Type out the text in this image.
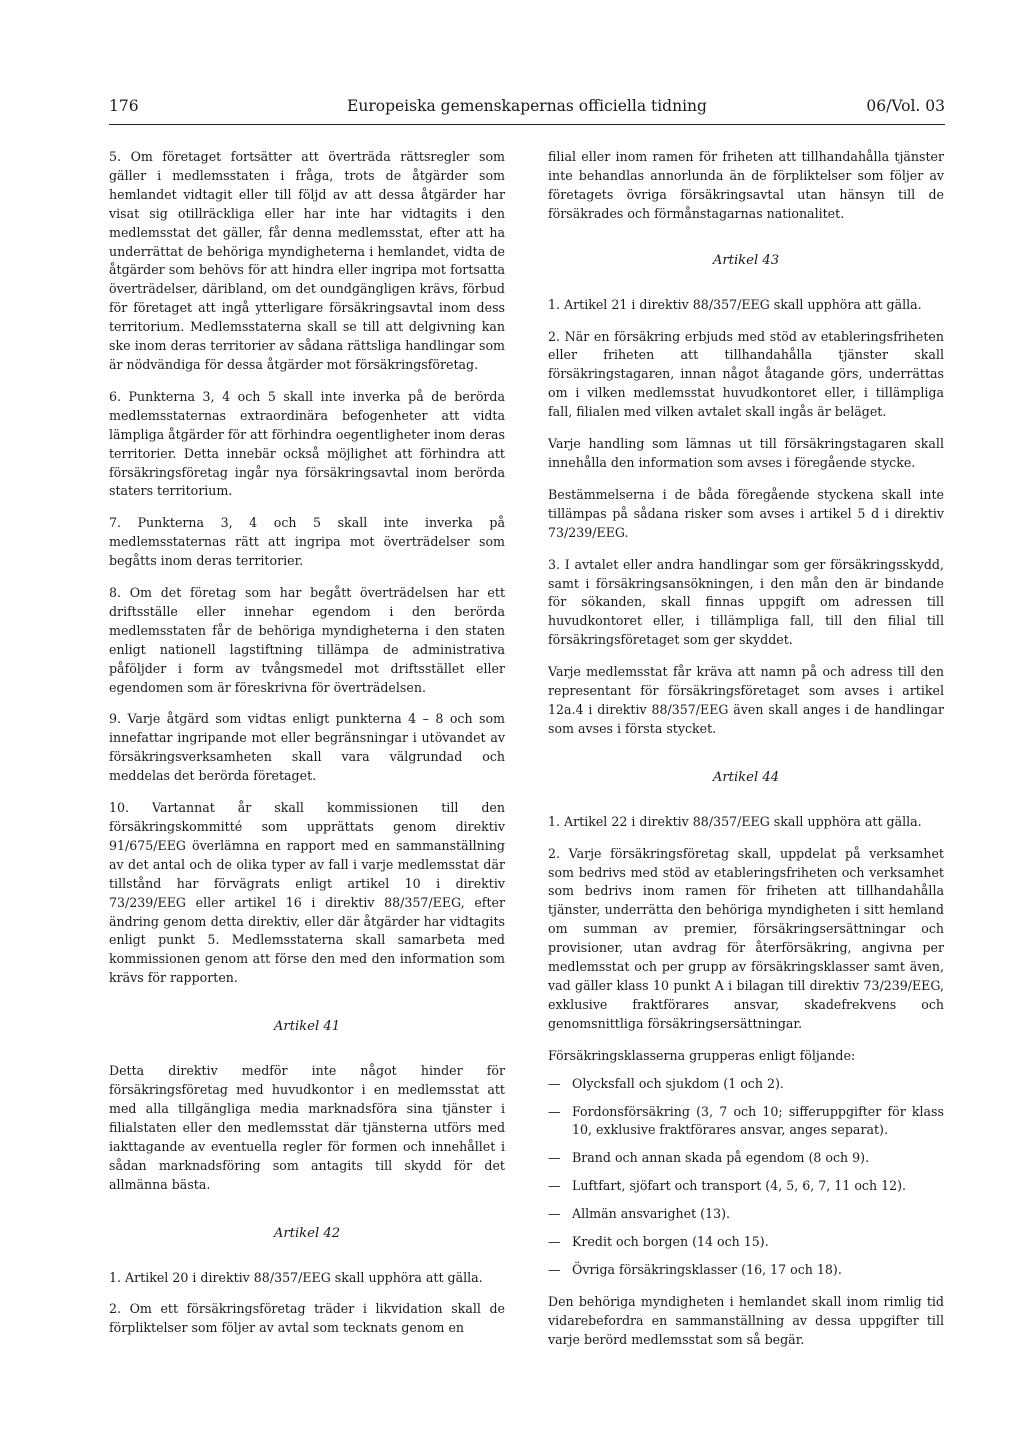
176	Europeiska gemenskapernas officiella tidning	06/Vol. 03

5. Om företaget fortsätter att överträda rättsregler som gäller i medlemsstaten i fråga, trots de åtgärder som hemlandet vidtagit eller till följd av att dessa åtgärder har visat sig otillräckliga eller har inte har vidtagits i den medlemsstat det gäller, får denna medlemsstat, efter att ha underrättat de behöriga myndigheterna i hemlandet, vidta de åtgärder som behövs för att hindra eller ingripa mot fortsatta överträdelser, däribland, om det oundgängligen krävs, förbud för företaget att ingå ytterligare försäkringsavtal inom dess territorium. Medlemsstaterna skall se till att delgivning kan ske inom deras territorier av sådana rättsliga handlingar som är nödvändiga för dessa åtgärder mot försäkringsföretag.

6. Punkterna 3, 4 och 5 skall inte inverka på de berörda medlemsstaternas extraordinära befogenheter att vidta lämpliga åtgärder för att förhindra oegentligheter inom deras territorier. Detta innebär också möjlighet att förhindra att försäkringsföretag ingår nya försäkringsavtal inom berörda staters territorium.

7. Punkterna 3, 4 och 5 skall inte inverka på medlemsstaternas rätt att ingripa mot överträdelser som begåtts inom deras territorier.

8. Om det företag som har begått överträdelsen har ett driftsställe eller innehar egendom i den berörda medlemsstaten får de behöriga myndigheterna i den staten enligt nationell lagstiftning tillämpa de administrativa påföljder i form av tvångsmedel mot driftsstället eller egendomen som är föreskrivna för överträdelsen.

9. Varje åtgärd som vidtas enligt punkterna 4 – 8 och som innefattar ingripande mot eller begränsningar i utövandet av försäkringsverksamheten skall vara välgrundad och meddelas det berörda företaget.

10. Vartannat år skall kommissionen till den försäkringskommitté som upprättats genom direktiv 91/675/EEG överlämna en rapport med en sammanställning av det antal och de olika typer av fall i varje medlemsstat där tillstånd har förvägrats enligt artikel 10 i direktiv 73/239/EEG eller artikel 16 i direktiv 88/357/EEG, efter ändring genom detta direktiv, eller där åtgärder har vidtagits enligt punkt 5. Medlemsstaterna skall samarbeta med kommissionen genom att förse den med den information som krävs för rapporten.

Artikel 41

Detta direktiv medför inte något hinder för försäkringsföretag med huvudkontor i en medlemsstat att med alla tillgängliga media marknadsföra sina tjänster i filialstaten eller den medlemsstat där tjänsterna utförs med iakttagande av eventuella regler för formen och innehållet i sådan marknadsföring som antagits till skydd för det allmänna bästa.

Artikel 42

1. Artikel 20 i direktiv 88/357/EEG skall upphöra att gälla.

2. Om ett försäkringsföretag träder i likvidation skall de förpliktelser som följer av avtal som tecknats genom en

filial eller inom ramen för friheten att tillhandahålla tjänster inte behandlas annorlunda än de förpliktelser som följer av företagets övriga försäkringsavtal utan hänsyn till de försäkrades och förmånstagarnas nationalitet.

Artikel 43

1. Artikel 21 i direktiv 88/357/EEG skall upphöra att gälla.

2. När en försäkring erbjuds med stöd av etableringsfriheten eller friheten att tillhandahålla tjänster skall försäkringstagaren, innan något åtagande görs, underrättas om i vilken medlemsstat huvudkontoret eller, i tillämpliga fall, filialen med vilken avtalet skall ingås är beläget.

Varje handling som lämnas ut till försäkringstagaren skall innehålla den information som avses i föregående stycke.

Bestämmelserna i de båda föregående styckena skall inte tillämpas på sådana risker som avses i artikel 5 d i direktiv 73/239/EEG.

3. I avtalet eller andra handlingar som ger försäkringsskydd, samt i försäkringsansökningen, i den mån den är bindande för sökanden, skall finnas uppgift om adressen till huvudkontoret eller, i tillämpliga fall, till den filial till försäkringsföretaget som ger skyddet.

Varje medlemsstat får kräva att namn på och adress till den representant för försäkringsföretaget som avses i artikel 12a.4 i direktiv 88/357/EEG även skall anges i de handlingar som avses i första stycket.

Artikel 44

1. Artikel 22 i direktiv 88/357/EEG skall upphöra att gälla.

2. Varje försäkringsföretag skall, uppdelat på verksamhet som bedrivs med stöd av etableringsfriheten och verksamhet som bedrivs inom ramen för friheten att tillhandahålla tjänster, underrätta den behöriga myndigheten i sitt hemland om summan av premier, försäkringsersättningar och provisioner, utan avdrag för återförsäkring, angivna per medlemsstat och per grupp av försäkringsklasser samt även, vad gäller klass 10 punkt A i bilagan till direktiv 73/239/EEG, exklusive fraktförares ansvar, skadefrekvens och genomsnittliga försäkringsersättningar.

Försäkringsklasserna grupperas enligt följande:

— Olycksfall och sjukdom (1 och 2).
— Fordonsförsäkring (3, 7 och 10; sifferuppgifter för klass 10, exklusive fraktförares ansvar, anges separat).
— Brand och annan skada på egendom (8 och 9).
— Luftfart, sjöfart och transport (4, 5, 6, 7, 11 och 12).
— Allmän ansvarighet (13).
— Kredit och borgen (14 och 15).
— Övriga försäkringsklasser (16, 17 och 18).

Den behöriga myndigheten i hemlandet skall inom rimlig tid vidarebefordra en sammanställning av dessa uppgifter till varje berörd medlemsstat som så begär.
